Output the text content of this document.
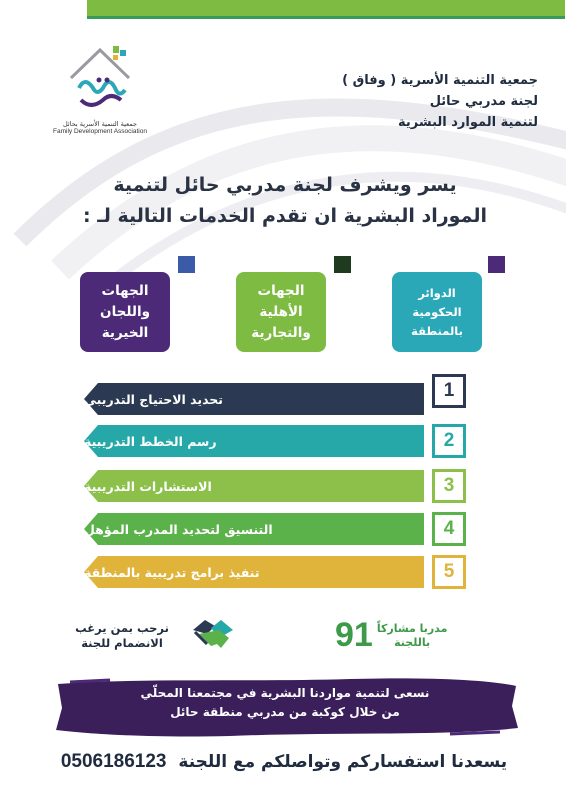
جمعية التنمية الأسرية بحائل
Family Development Association
جمعية التنمية الأسرية ( وفاق )
لجنة مدربي حائل
لتنمية الموارد البشرية
يسر ويشرف لجنة مدربي حائل لتنمية
الموراد البشرية ان تقدم الخدمات التالية لـ :
الدوائر
الحكومية
بالمنطقة
الجهات
الأهلية
والتجارية
الجهات
واللجان
الخيرية
تحديد الاحتياج التدريبي	1
رسم الخطط التدريبية	2
الاستشارات التدريبية	3
التنسيق لتحديد المدرب المؤهل	4
تنفيذ برامج تدريبية بالمنطقة	5
نرحب بمن يرغب
الانضمام للجنة
مدربا مشاركاً
باللجنة
91
نسعى لتنمية مواردنا البشرية في مجتمعنا المحلّي
من خلال كوكبة من مدربي منطقة حائل
0506186123 يسعدنا استفساركم وتواصلكم مع اللجنة
